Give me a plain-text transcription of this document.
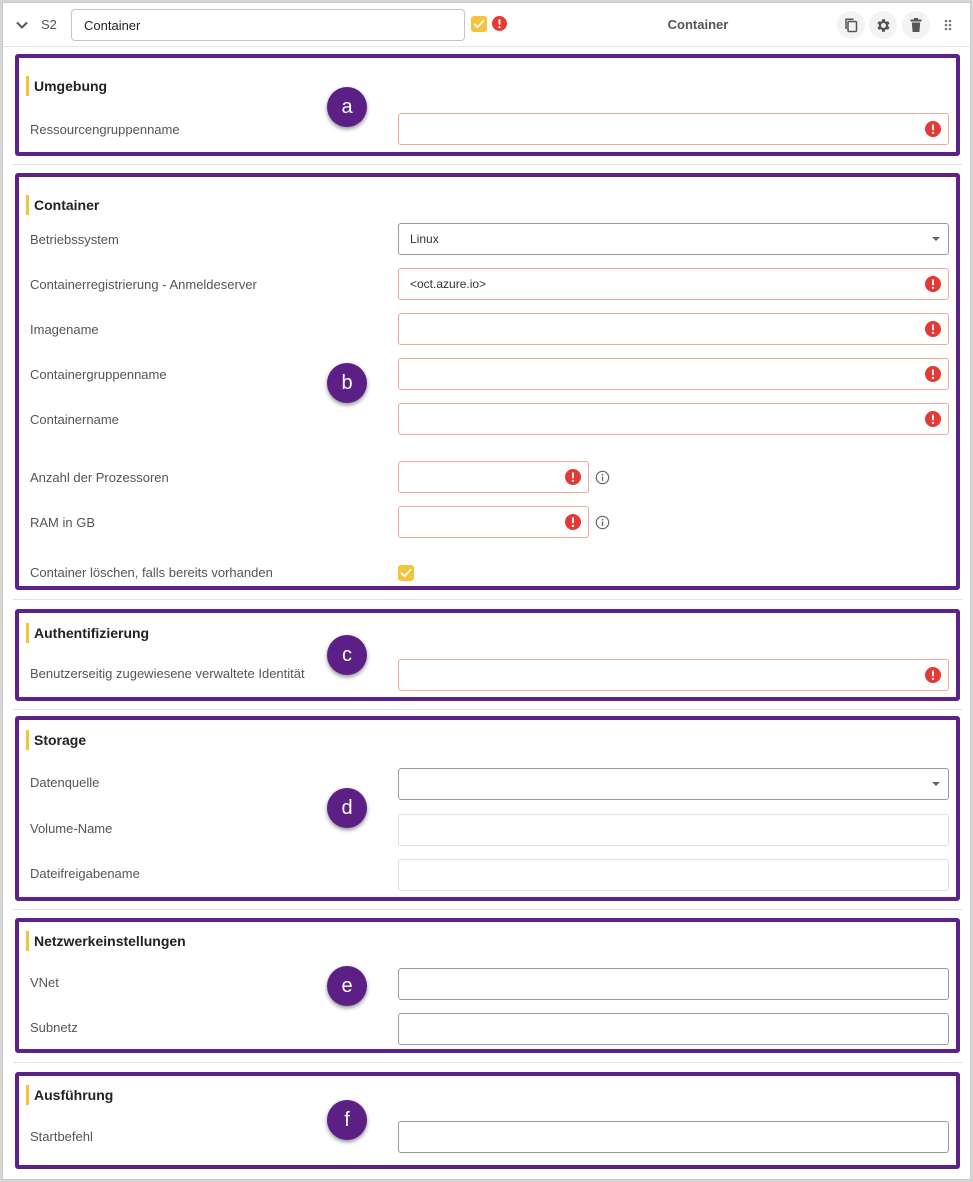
S2
Container	Container
Umgebung
Ressourcengruppenname
Container
Betriebssystem	Linux
Containerregistrierung - Anmeldeserver	<oct.azure.io>
Imagename
Containergruppenname
Containername
Anzahl der Prozessoren
RAM in GB
Container löschen, falls bereits vorhanden
Authentifizierung
Benutzerseitig zugewiesene verwaltete Identität
Storage
Datenquelle
Volume-Name
Dateifreigabename
Netzwerkeinstellungen
VNet
Subnetz
Ausführung
Startbefehl
a
b
c
d
e
f
